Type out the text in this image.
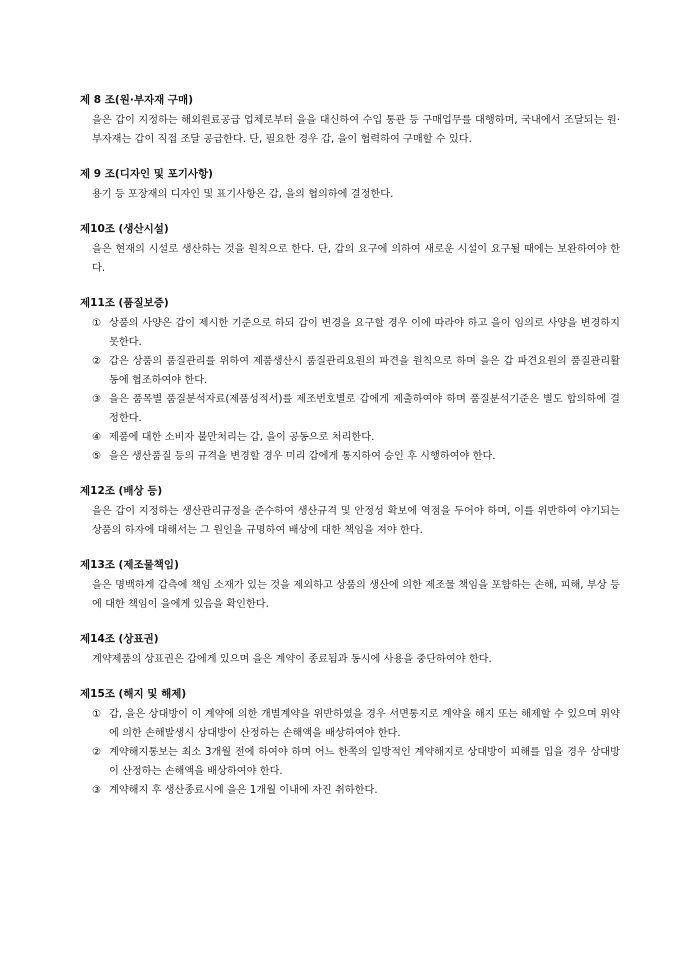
제 8 조(원·부자재 구매)

을은 갑이 지정하는 해외원료공급 업체로부터 을을 대신하여 수입 통관 등 구매업무를 대행하며, 국내에서 조달되는 원·부자재는 갑이 직접 조달 공급한다. 단, 필요한 경우 갑, 을이 협력하여 구매할 수 있다.

제 9 조(디자인 및 포기사항)

용기 등 포장재의 디자인 및 표기사항은 갑, 을의 협의하에 결정한다.

제10조 (생산시설)

을은 현재의 시설로 생산하는 것을 원칙으로 한다. 단, 갑의 요구에 의하여 새로운 시설이 요구될 때에는 보완하여야 한다.

제11조 (품질보증)
① 상품의 사양은 갑이 제시한 기준으로 하되 갑이 변경을 요구할 경우 이에 따라야 하고 을이 임의로 사양을 변경하지 못한다.
② 갑은 상품의 품질관리를 위하여 제품생산시 품질관리요원의 파견을 원칙으로 하며 을은 갑 파견요원의 품질관리활동에 협조하여야 한다.
③ 을은 품목별 품질분석자료(제품성적서)를 제조번호별로 갑에게 제출하여야 하며 품질분석기준은 별도 합의하에 결정한다.
④ 제품에 대한 소비자 불만처리는 갑, 을이 공동으로 처리한다.
⑤ 을은 생산품질 등의 규격을 변경할 경우 미리 갑에게 통지하여 승인 후 시행하여야 한다.
제12조 (배상 등)

을은 갑이 지정하는 생산관리규정을 준수하여 생산규격 및 안정성 확보에 역점을 두어야 하며, 이를 위반하여 야기되는 상품의 하자에 대해서는 그 원인을 규명하여 배상에 대한 책임을 져야 한다.

제13조 (제조물책임)

을은 명백하게 갑측에 책임 소재가 있는 것을 제외하고 상품의 생산에 의한 제조물 책임을 포함하는 손해, 피해, 부상 등에 대한 책임이 을에게 있음을 확인한다.

제14조 (상표권)

계약제품의 상표권은 갑에게 있으며 을은 계약이 종료됨과 동시에 사용을 중단하여야 한다.

제15조 (해지 및 해제)
① 갑, 을은 상대방이 이 계약에 의한 개별계약을 위반하였을 경우 서면통지로 계약을 해지 또는 해제할 수 있으며 위약에 의한 손해발생시 상대방이 산정하는 손해액을 배상하여야 한다.
② 계약해지통보는 최소 3개월 전에 하여야 하며 어느 한쪽의 일방적인 계약해지로 상대방이 피해를 입을 경우 상대방이 산정하는 손해액을 배상하여야 한다.
③ 계약해지 후 생산종료시에 을은 1개월 이내에 자진 취하한다.
